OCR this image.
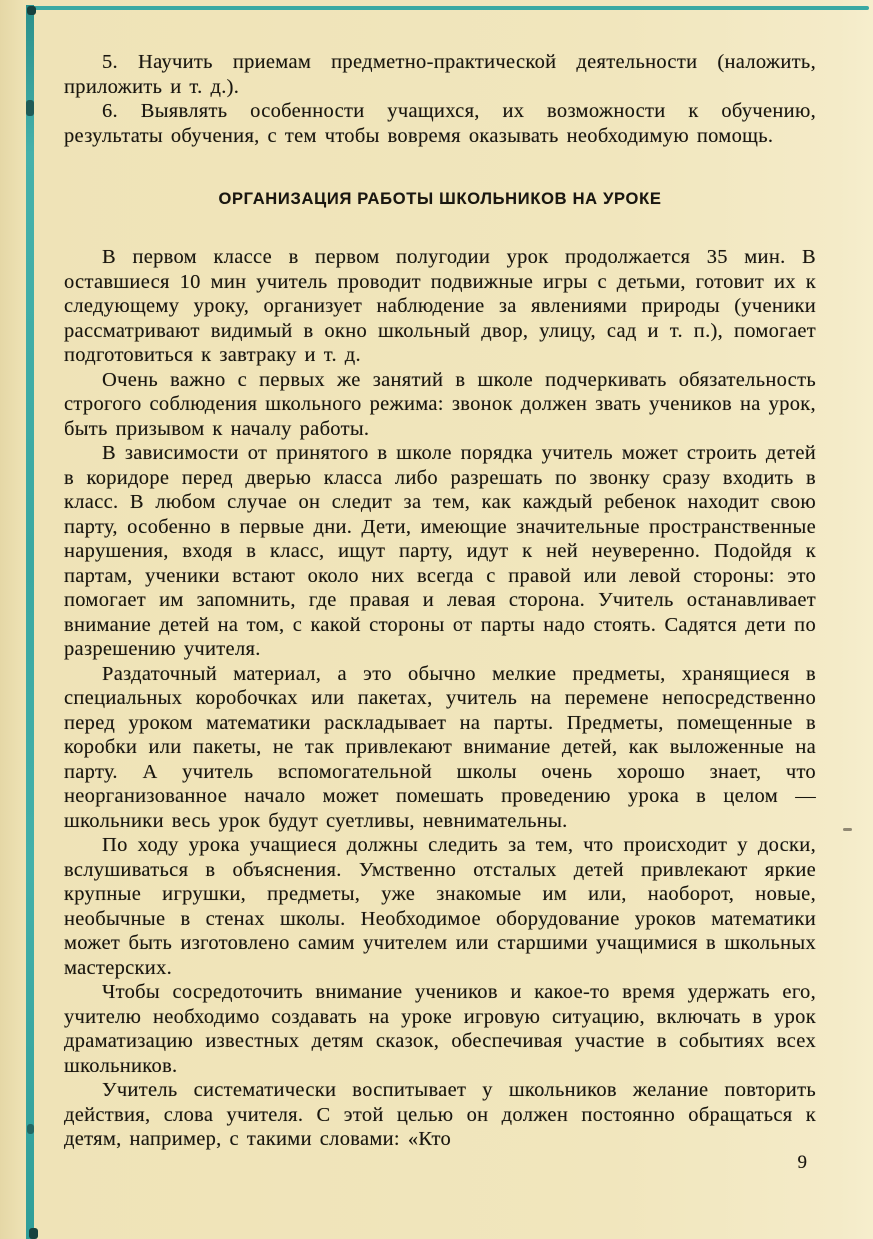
5. Научить приемам предметно-практической деятельности (наложить, приложить и т. д.).

6. Выявлять особенности учащихся, их возможности к обучению, результаты обучения, с тем чтобы вовремя оказывать необходимую помощь.

ОРГАНИЗАЦИЯ РАБОТЫ ШКОЛЬНИКОВ НА УРОКЕ

В первом классе в первом полугодии урок продолжается 35 мин. В оставшиеся 10 мин учитель проводит подвижные игры с детьми, готовит их к следующему уроку, организует наблюдение за явлениями природы (ученики рассматривают видимый в окно школьный двор, улицу, сад и т. п.), помогает подготовиться к завтраку и т. д.

Очень важно с первых же занятий в школе подчеркивать обязательность строгого соблюдения школьного режима: звонок должен звать учеников на урок, быть призывом к началу работы.

В зависимости от принятого в школе порядка учитель может строить детей в коридоре перед дверью класса либо разрешать по звонку сразу входить в класс. В любом случае он следит за тем, как каждый ребенок находит свою парту, особенно в первые дни. Дети, имеющие значительные пространственные нарушения, входя в класс, ищут парту, идут к ней неуверенно. Подойдя к партам, ученики встают около них всегда с правой или левой стороны: это помогает им запомнить, где правая и левая сторона. Учитель останавливает внимание детей на том, с какой стороны от парты надо стоять. Садятся дети по разрешению учителя.

Раздаточный материал, а это обычно мелкие предметы, хранящиеся в специальных коробочках или пакетах, учитель на перемене непосредственно перед уроком математики раскладывает на парты. Предметы, помещенные в коробки или пакеты, не так привлекают внимание детей, как выложенные на парту. А учитель вспомогательной школы очень хорошо знает, что неорганизованное начало может помешать проведению урока в целом — школьники весь урок будут суетливы, невнимательны.

По ходу урока учащиеся должны следить за тем, что происходит у доски, вслушиваться в объяснения. Умственно отсталых детей привлекают яркие крупные игрушки, предметы, уже знакомые им или, наоборот, новые, необычные в стенах школы. Необходимое оборудование уроков математики может быть изготовлено самим учителем или старшими учащимися в школьных мастерских.

Чтобы сосредоточить внимание учеников и какое-то время удержать его, учителю необходимо создавать на уроке игровую ситуацию, включать в урок драматизацию известных детям сказок, обеспечивая участие в событиях всех школьников.

Учитель систематически воспитывает у школьников желание повторить действия, слова учителя. С этой целью он должен постоянно обращаться к детям, например, с такими словами: «Кто

9
